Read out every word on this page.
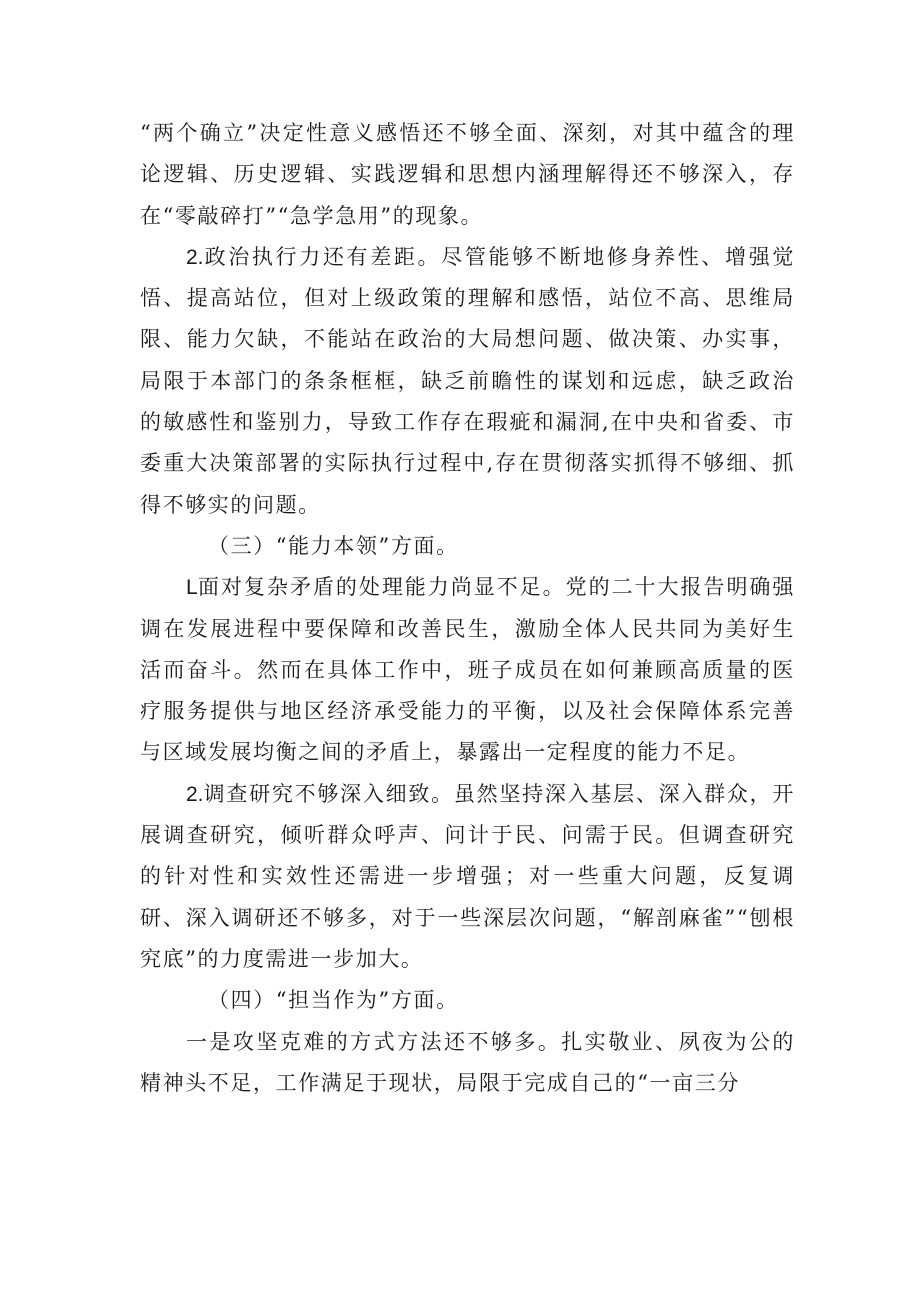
“两个确立”决定性意义感悟还不够全面、深刻，对其中蕴含的理论逻辑、历史逻辑、实践逻辑和思想内涵理解得还不够深入，存在“零敲碎打”“急学急用”的现象。

2.政治执行力还有差距。尽管能够不断地修身养性、增强觉悟、提高站位，但对上级政策的理解和感悟，站位不高、思维局限、能力欠缺，不能站在政治的大局想问题、做决策、办实事，局限于本部门的条条框框，缺乏前瞻性的谋划和远虑，缺乏政治的敏感性和鉴别力，导致工作存在瑕疵和漏洞,在中央和省委、市委重大决策部署的实际执行过程中,存在贯彻落实抓得不够细、抓得不够实的问题。

（三）“能力本领”方面。

L面对复杂矛盾的处理能力尚显不足。党的二十大报告明确强调在发展进程中要保障和改善民生，激励全体人民共同为美好生活而奋斗。然而在具体工作中，班子成员在如何兼顾高质量的医疗服务提供与地区经济承受能力的平衡，以及社会保障体系完善与区域发展均衡之间的矛盾上，暴露出一定程度的能力不足。

2.调查研究不够深入细致。虽然坚持深入基层、深入群众，开展调查研究，倾听群众呼声、问计于民、问需于民。但调查研究的针对性和实效性还需进一步增强；对一些重大问题，反复调研、深入调研还不够多，对于一些深层次问题，“解剖麻雀”“刨根究底”的力度需进一步加大。

（四）“担当作为”方面。

一是攻坚克难的方式方法还不够多。扎实敬业、夙夜为公的精神头不足，工作满足于现状，局限于完成自己的“一亩三分
